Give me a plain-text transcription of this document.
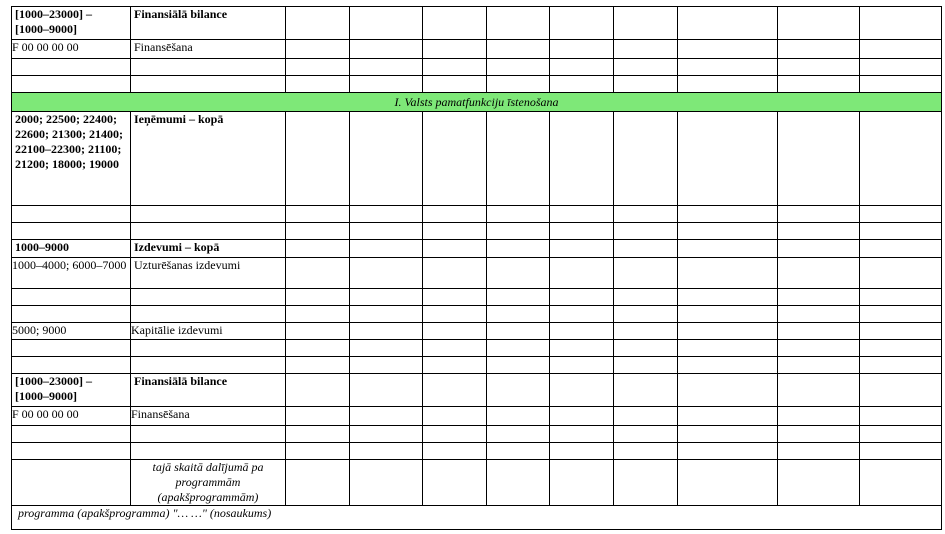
[1000–23000] – [1000–9000]	Finansiālā bilance									
F 00 00 00 00	Finansēšana									

I. Valsts pamatfunkciju īstenošana										
2000; 22500; 22400; 22600; 21300; 21400; 22100–22300; 21100; 21200; 18000; 19000	Ieņēmumi – kopā									

1000–9000	Izdevumi – kopā									
1000–4000; 6000–7000	Uzturēšanas izdevumi									

5000; 9000	Kapitālie izdevumi									

[1000–23000] – [1000–9000]	Finansiālā bilance									
F 00 00 00 00	Finansēšana									

	tajā skaitā dalījumā pa programmām (apakšprogrammām)									
programma (apakšprogramma) "… …" (nosaukums)										
